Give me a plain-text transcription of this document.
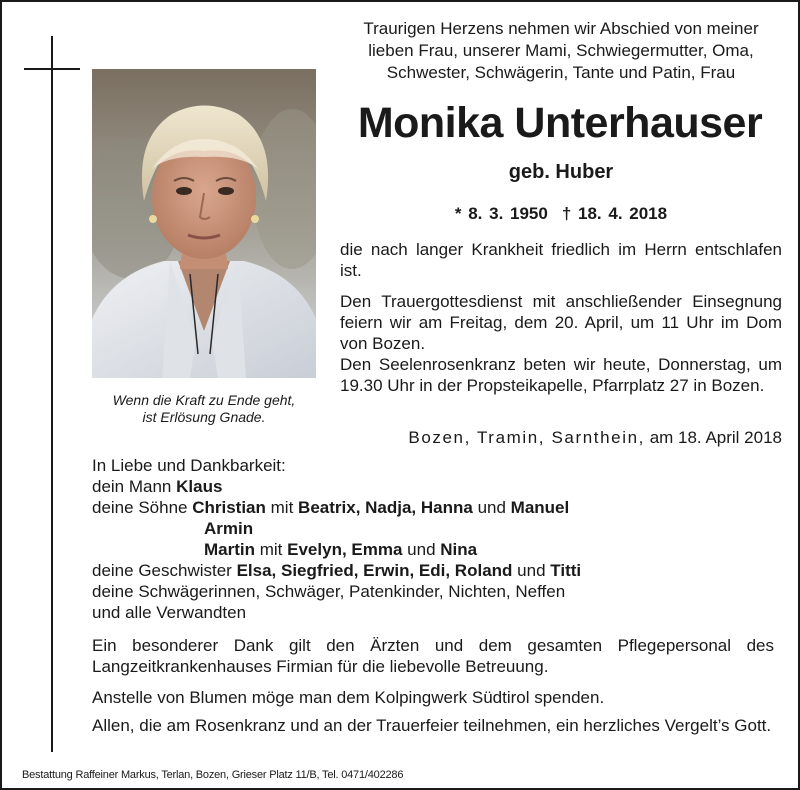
Wenn die Kraft zu Ende geht,
ist Erlösung Gnade.

Traurigen Herzens nehmen wir Abschied von meiner
lieben Frau, unserer Mami, Schwiegermutter, Oma,
Schwester, Schwägerin, Tante und Patin, Frau

Monika Unterhauser

geb. Huber

* 8. 3. 1950 † 18. 4. 2018

die nach langer Krankheit friedlich im Herrn entschlafen ist.

Den Trauergottesdienst mit anschließender Einsegnung feiern wir am Freitag, dem 20. April, um 11 Uhr im Dom von Bozen.

Den Seelenrosenkranz beten wir heute, Donnerstag, um 19.30 Uhr in der Propsteikapelle, Pfarrplatz 27 in Bozen.

Bozen, Tramin, Sarnthein, am 18. April 2018

In Liebe und Dankbarkeit:
dein Mann Klaus
deine Söhne Christian mit Beatrix, Nadja, Hanna und Manuel
Armin
Martin mit Evelyn, Emma und Nina
deine Geschwister Elsa, Siegfried, Erwin, Edi, Roland und Titti
deine Schwägerinnen, Schwäger, Patenkinder, Nichten, Neffen
und alle Verwandten

Ein besonderer Dank gilt den Ärzten und dem gesamten Pflegepersonal des Langzeitkrankenhauses Firmian für die liebevolle Betreuung.

Anstelle von Blumen möge man dem Kolpingwerk Südtirol spenden.

Allen, die am Rosenkranz und an der Trauerfeier teilnehmen, ein herzliches Vergelt’s Gott.

Bestattung Raffeiner Markus, Terlan, Bozen, Grieser Platz 11/B, Tel. 0471/402286
